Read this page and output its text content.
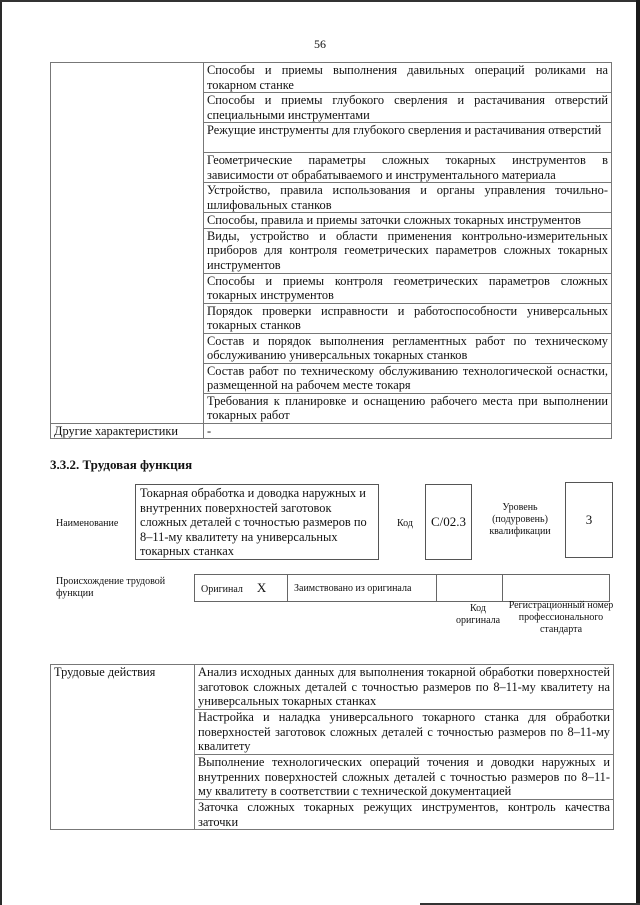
56
	Способы и приемы выполнения давильных операций роликами на токарном станке
	Способы и приемы глубокого сверления и растачивания отверстий специальными инструментами
	Режущие инструменты для глубокого сверления и растачивания отверстий
	Геометрические параметры сложных токарных инструментов в зависимости от обрабатываемого и инструментального материала
	Устройство, правила использования и органы управления точильно-шлифовальных станков
	Способы, правила и приемы заточки сложных токарных инструментов
	Виды, устройство и области применения контрольно-измерительных приборов для контроля геометрических параметров сложных токарных инструментов
	Способы и приемы контроля геометрических параметров сложных токарных инструментов
	Порядок проверки исправности и работоспособности универсальных токарных станков
	Состав и порядок выполнения регламентных работ по техническому обслуживанию универсальных токарных станков
	Состав работ по техническому обслуживанию технологической оснастки, размещенной на рабочем месте токаря
	Требования к планировке и оснащению рабочего места при выполнении токарных работ
Другие характеристики	-
3.3.2. Трудовая функция
Наименование
Токарная обработка и доводка наружных и внутренних поверхностей заготовок сложных деталей с точностью размеров по 8–11-му квалитету на универсальных токарных станках
Код C/02.3
Уровень (подуровень) квалификации
3
Происхождение трудовой функции	Оригинал X	Заимствовано из оригинала		
Код оригинала
Регистрационный номер профессионального стандарта
Трудовые действия	Анализ исходных данных для выполнения токарной обработки поверхностей заготовок сложных деталей с точностью размеров по 8–11-му квалитету на универсальных токарных станках
Настройка и наладка универсального токарного станка для обработки поверхностей заготовок сложных деталей с точностью размеров по 8–11-му квалитету
Выполнение технологических операций точения и доводки наружных и внутренних поверхностей сложных деталей с точностью размеров по 8–11-му квалитету в соответствии с технической документацией
Заточка сложных токарных режущих инструментов, контроль качества заточки
